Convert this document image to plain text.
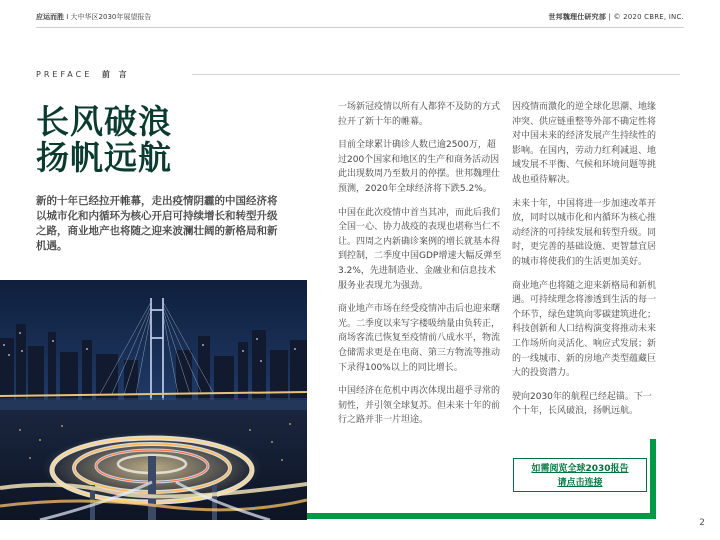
应运而胜 I 大中华区2030年展望报告	世邦魏理仕研究部 | © 2020 CBRE, INC.
PREFACE 前 言
长风破浪
扬帆远航

新的十年已经拉开帷幕，走出疫情阴霾的中国经济将以城市化和内循环为核心开启可持续增长和转型升级之路，商业地产也将随之迎来波澜壮阔的新格局和新机遇。

一场新冠疫情以所有人都猝不及防的方式拉开了新十年的帷幕。

目前全球累计确诊人数已逾2500万，超过200个国家和地区的生产和商务活动因此出现数周乃至数月的停摆。世邦魏理仕预测，2020年全球经济将下跌5.2%。

中国在此次疫情中首当其冲，而此后我们全国一心、协力战疫的表现也堪称当仁不让。四周之内新确诊案例的增长就基本得到控制，二季度中国GDP增速大幅反弹至3.2%，先进制造业、金融业和信息技术服务业表现尤为强劲。

商业地产市场在经受疫情冲击后也迎来曙光。二季度以来写字楼吸纳量由负转正，商场客流已恢复至疫情前八成水平，物流仓储需求更是在电商、第三方物流等推动下录得100%以上的同比增长。

中国经济在危机中再次体现出超乎寻常的韧性，并引领全球复苏。但未来十年的前行之路并非一片坦途。

因疫情而激化的逆全球化思潮、地缘冲突、供应链重整等外部不确定性将对中国未来的经济发展产生持续性的影响。在国内，劳动力红利减退、地域发展不平衡、气候和环境问题等挑战也亟待解决。

未来十年，中国将进一步加速改革开放，同时以城市化和内循环为核心推动经济的可持续发展和转型升级。同时，更完善的基础设施、更智慧宜居的城市将使我们的生活更加美好。

商业地产也将随之迎来新格局和新机遇。可持续理念将渗透到生活的每一个环节，绿色建筑向零碳建筑进化；科技创新和人口结构演变将推动未来工作场所向灵活化、响应式发展；新的一线城市、新的房地产类型蕴藏巨大的投资潜力。

驶向2030年的航程已经起锚。下一个十年，长风破浪，扬帆远航。

如需阅览全球2030报告
请点击连接
2
